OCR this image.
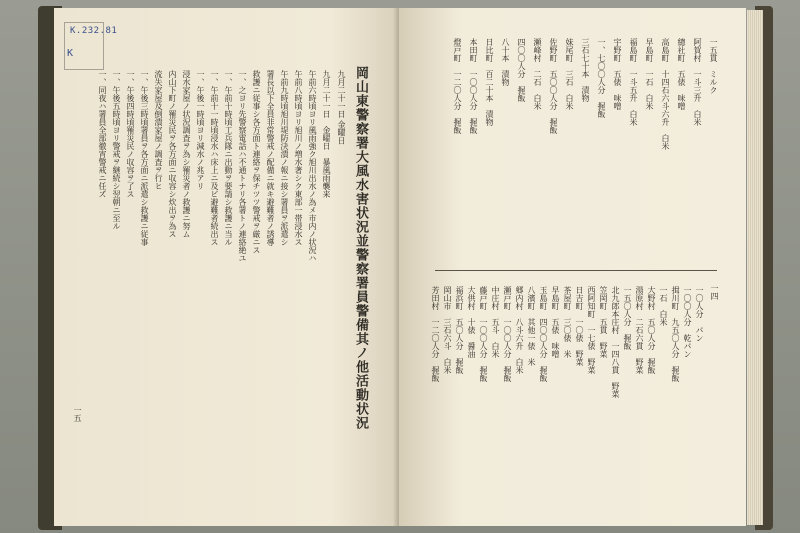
K.232.81
K
岡山東警察署大風水害状況並警察署員警備其ノ他活動状況
九月二十一日 金曜日
九月二十一日　金曜日　暴風雨襲来
午前六時頃ヨリ風雨強ク旭川出水ノ為メ市内ノ状況ハ
午前八時頃ヨリ旭川ノ増水著シク東部一帯浸水ス
午前九時頃旭川堤防決潰ノ報ニ接シ署員ヲ派遣シ
署長以下全員非常警戒ノ配備ニ就キ避難者ノ誘導
救護ニ従事シ各方面ト連絡ヲ保チツツ警戒ヲ厳ニス
一、之ヨリ先警察電話ハ不通トナリ各署トノ連絡絶ユ
一、午前十時頃工兵隊ニ出動ヲ要請シ救護ニ当ル
一、午前十一時頃浸水ハ床上ニ及ビ避難者続出ス
一、午後一時頃ヨリ減水ノ兆アリ
浸水家屋ノ状況調査ヲ為シ罹災者ノ救護ニ努ム
内山下町ノ罹災民ヲ各方面ニ収容シ炊出ヲ為ス
流失家屋及倒潰家屋ノ調査ヲ行ヒ
一、午後三時頃署員ヲ各方面ニ派遣シ救護ニ従事
一、午後四時頃罹災民ノ収容ヲ了ス
一、午後五時頃ヨリ警戒ヲ継続シ翌朝ニ至ル
一、同夜ハ署員全部徹宵警戒ニ任ズ
一五
一四
一五貫　ミルク
阿賀村　一斗三升　白米
總社町　五俵　味噌
高島町　十四石六斗六升　白米
早島町　一石　白米
福島町　一斗五升　白米
宇野町　五俵　味噌
一、七〇〇人分　握飯
三石七十本　漬物
妹尾町　三石　白米
佐野町　五〇〇人分　握飯
瀬峰村　二石　白米
四〇〇人分　握飯
八十本　漬物
日比町　百二十本　漬物
本田町　一〇〇人分　握飯
燈戸町　一二〇人分　握飯
一〇人分　パン
一〇〇人分　乾パン
揖川町　九五〇人分　握飯
一石　白米
大野村　五〇人分　握飯
湯原村　二石六貫　野菜
一五〇人分　握飯
北九郎本庄村　一四八貫　野菜
笠岡町　五貫　野菜
西阿知町　一七俵　野菜
日吉町　一〇俵　野菜
茶屋町　三〇俵　米
早島町　五俵　味噌
玉島町　四〇〇人分　握飯
八濱町　其他一俵　米
郷内村　八斗六升　白米
瀬戸町　一〇〇人分　握飯
中庄村　五斗　白米
藤戸町　一〇〇人分　握飯
大供村　十俵　醤油
福浜町　五〇人分　握飯
岡山市　三石六斗　白米
芳田村　一二〇人分　握飯
